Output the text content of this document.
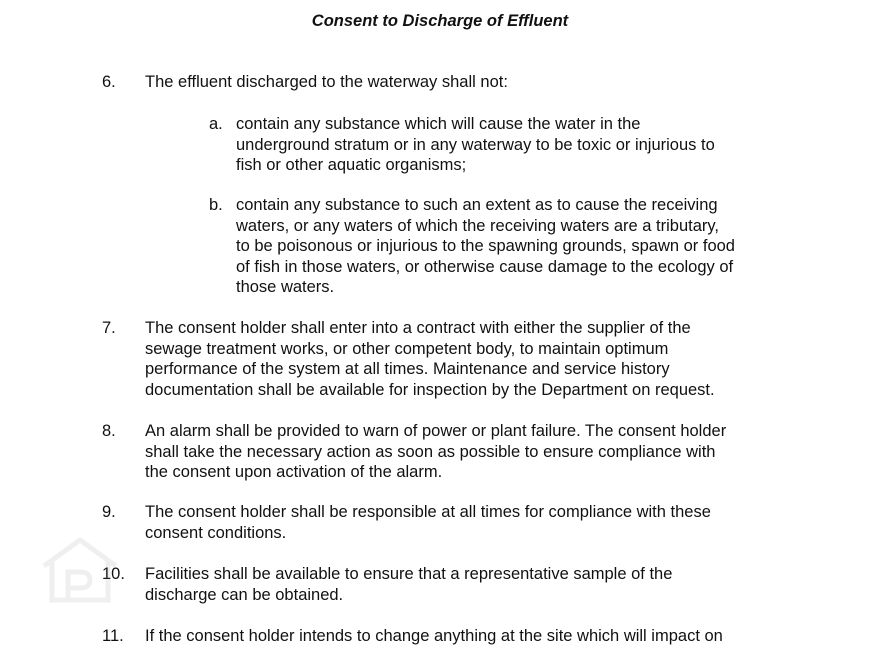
Consent to Discharge of Effluent
6. The effluent discharged to the waterway shall not:
a. contain any substance which will cause the water in the
underground stratum or in any waterway to be toxic or injurious to
fish or other aquatic organisms;
b. contain any substance to such an extent as to cause the receiving
waters, or any waters of which the receiving waters are a tributary,
to be poisonous or injurious to the spawning grounds, spawn or food
of fish in those waters, or otherwise cause damage to the ecology of
those waters.
7. The consent holder shall enter into a contract with either the supplier of the
sewage treatment works, or other competent body, to maintain optimum
performance of the system at all times. Maintenance and service history
documentation shall be available for inspection by the Department on request.
8. An alarm shall be provided to warn of power or plant failure. The consent holder
shall take the necessary action as soon as possible to ensure compliance with
the consent upon activation of the alarm.
9. The consent holder shall be responsible at all times for compliance with these
consent conditions.
10. Facilities shall be available to ensure that a representative sample of the
discharge can be obtained.
11. If the consent holder intends to change anything at the site which will impact on
